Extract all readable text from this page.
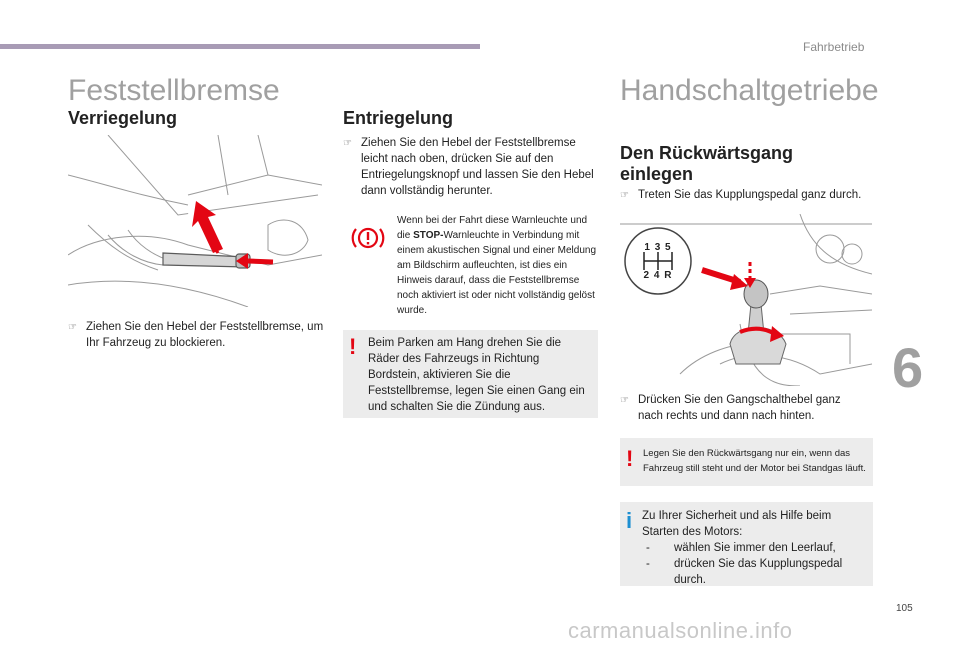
Fahrbetrieb
6
105
carmanualsonline.info
Feststellbremse
Verriegelung
☞ Ziehen Sie den Hebel der Feststellbremse, um Ihr Fahrzeug zu blockieren.
Entriegelung
☞ Ziehen Sie den Hebel der Feststellbremse leicht nach oben, drücken Sie auf den Entriegelungsknopf und lassen Sie den Hebel dann vollständig herunter.
Wenn bei der Fahrt diese Warnleuchte und die STOP-Warnleuchte in Verbindung mit einem akustischen Signal und einer Meldung am Bildschirm aufleuchten, ist dies ein Hinweis darauf, dass die Feststellbremse noch aktiviert ist oder nicht vollständig gelöst wurde.
! Beim Parken am Hang drehen Sie die Räder des Fahrzeugs in Richtung Bordstein, aktivieren Sie die Feststellbremse, legen Sie einen Gang ein und schalten Sie die Zündung aus.
Handschaltgetriebe
Den Rückwärtsgang
einlegen
☞ Treten Sie das Kupplungspedal ganz durch.
1 3 5
2 4 R
☞ Drücken Sie den Gangschalthebel ganz nach rechts und dann nach hinten.
! Legen Sie den Rückwärtsgang nur ein, wenn das Fahrzeug still steht und der Motor bei Standgas läuft.
i Zu Ihrer Sicherheit und als Hilfe beim Starten des Motors:
-	wählen Sie immer den Leerlauf,
-	drücken Sie das Kupplungspedal durch.
